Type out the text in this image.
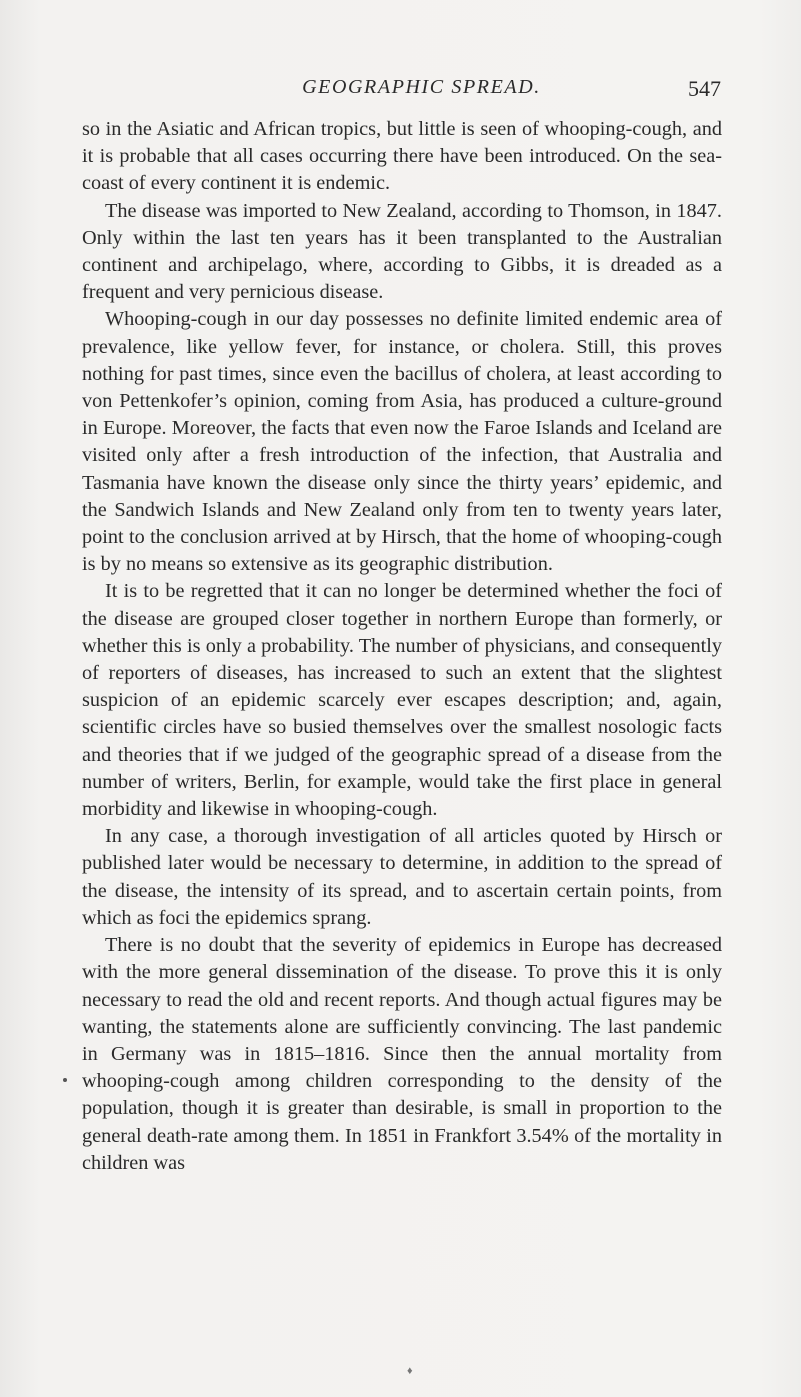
GEOGRAPHIC SPREAD.	547

so in the Asiatic and African tropics, but little is seen of whooping-cough, and it is probable that all cases occurring there have been introduced. On the sea-coast of every continent it is endemic.

The disease was imported to New Zealand, according to Thomson, in 1847. Only within the last ten years has it been transplanted to the Australian continent and archipelago, where, according to Gibbs, it is dreaded as a frequent and very pernicious disease.

Whooping-cough in our day possesses no definite limited endemic area of prevalence, like yellow fever, for instance, or cholera. Still, this proves nothing for past times, since even the bacillus of cholera, at least according to von Pettenkofer’s opinion, coming from Asia, has produced a culture-ground in Europe. Moreover, the facts that even now the Faroe Islands and Iceland are visited only after a fresh introduction of the infection, that Australia and Tasmania have known the disease only since the thirty years’ epidemic, and the Sandwich Islands and New Zealand only from ten to twenty years later, point to the conclusion arrived at by Hirsch, that the home of whooping-cough is by no means so extensive as its geographic distribution.

It is to be regretted that it can no longer be determined whether the foci of the disease are grouped closer together in northern Europe than formerly, or whether this is only a probability. The number of physicians, and consequently of reporters of diseases, has increased to such an extent that the slightest suspicion of an epidemic scarcely ever escapes description; and, again, scientific circles have so busied themselves over the smallest nosologic facts and theories that if we judged of the geographic spread of a disease from the number of writers, Berlin, for example, would take the first place in general morbidity and likewise in whooping-cough.

In any case, a thorough investigation of all articles quoted by Hirsch or published later would be necessary to determine, in addition to the spread of the disease, the intensity of its spread, and to ascertain certain points, from which as foci the epidemics sprang.

There is no doubt that the severity of epidemics in Europe has decreased with the more general dissemination of the disease. To prove this it is only necessary to read the old and recent reports. And though actual figures may be wanting, the statements alone are sufficiently convincing. The last pandemic in Germany was in 1815–1816. Since then the annual mortality from whooping-cough among children corresponding to the density of the population, though it is greater than desirable, is small in proportion to the general death-rate among them. In 1851 in Frankfort 3.54% of the mortality in children was

♦
